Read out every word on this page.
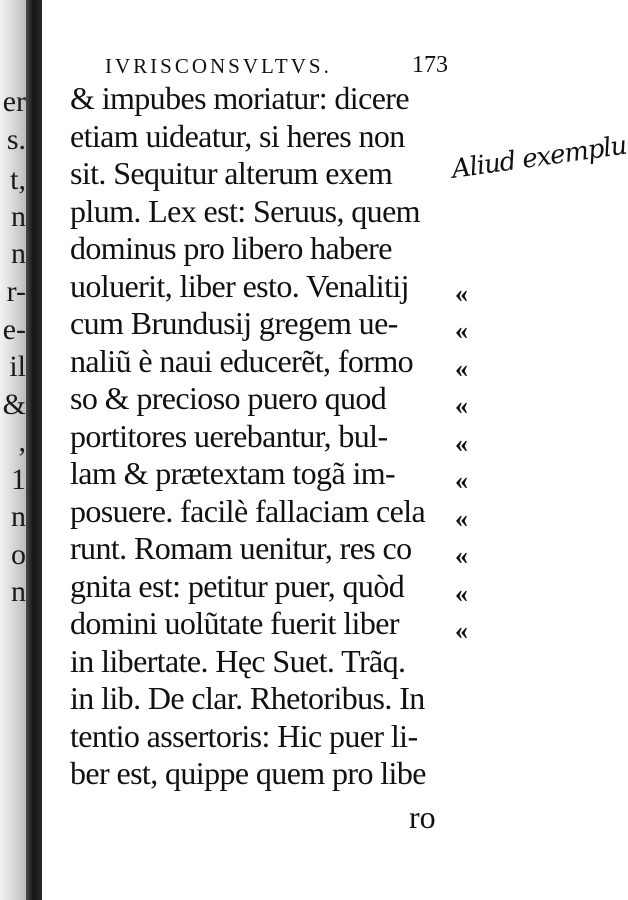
er
s.
t,
n
n
r-
e-
il
&
,
1
n
o
n
IVRISCONSVLTVS.	173
& impubes moriatur: dicere
etiam uideatur, si heres non
sit. Sequitur alterum exem
plum. Lex est: Seruus, quem
dominus pro libero habere
uoluerit, liber esto. Venalitij
cum Brundusij gregem ue-
naliũ è naui educerẽt, formo
so & precioso puero quod
portitores uerebantur, bul-
lam & prætextam togã im-
posuere. facilè fallaciam cela
runt. Romam uenitur, res co
gnita est: petitur puer, quòd
domini uolũtate fuerit liber
in libertate. Hęc Suet. Trãq.
in lib. De clar. Rhetoribus. In
tentio assertoris: Hic puer li-
ber est, quippe quem pro libe
ro
Aliud exemplu
«
«
«
«
«
«
«
«
«
«
